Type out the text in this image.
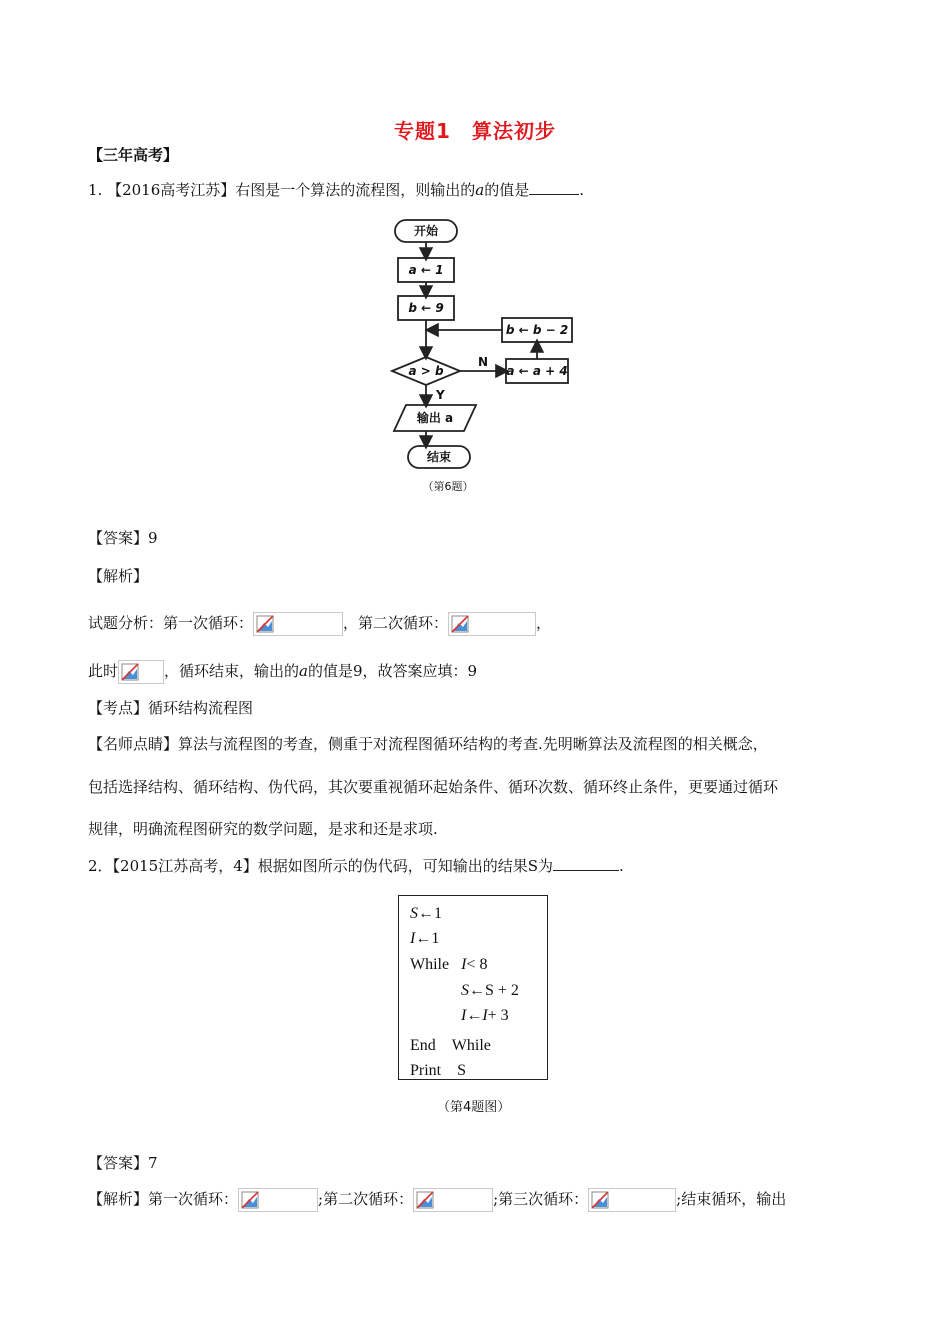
专题1　算法初步
【三年高考】
1. 【2016高考江苏】右图是一个算法的流程图，则输出的a的值是	.
开始
a ← 1
b ← 9
a > b
N
Y
a ← a + 4
b ← b − 2
输出 a
结束
（第6题）
【答案】9
【解析】
试题分析：第一次循环：	，第二次循环：	，
此时	，循环结束，输出的a的值是9，故答案应填：9
【考点】循环结构流程图
【名师点睛】算法与流程图的考查，侧重于对流程图循环结构的考查.先明晰算法及流程图的相关概念，
包括选择结构、循环结构、伪代码，其次要重视循环起始条件、循环次数、循环终止条件，更要通过循环
规律，明确流程图研究的数学问题，是求和还是求项.
2．【2015江苏高考，4】根据如图所示的伪代码，可知输出的结果S为	.
S←1
I←1
While I< 8
S←S + 2
I←I+ 3
End　While
Print　S
（第4题图）
【答案】7
【解析】第一次循环：	;第二次循环：	;第三次循环：	;结束循环，输出
